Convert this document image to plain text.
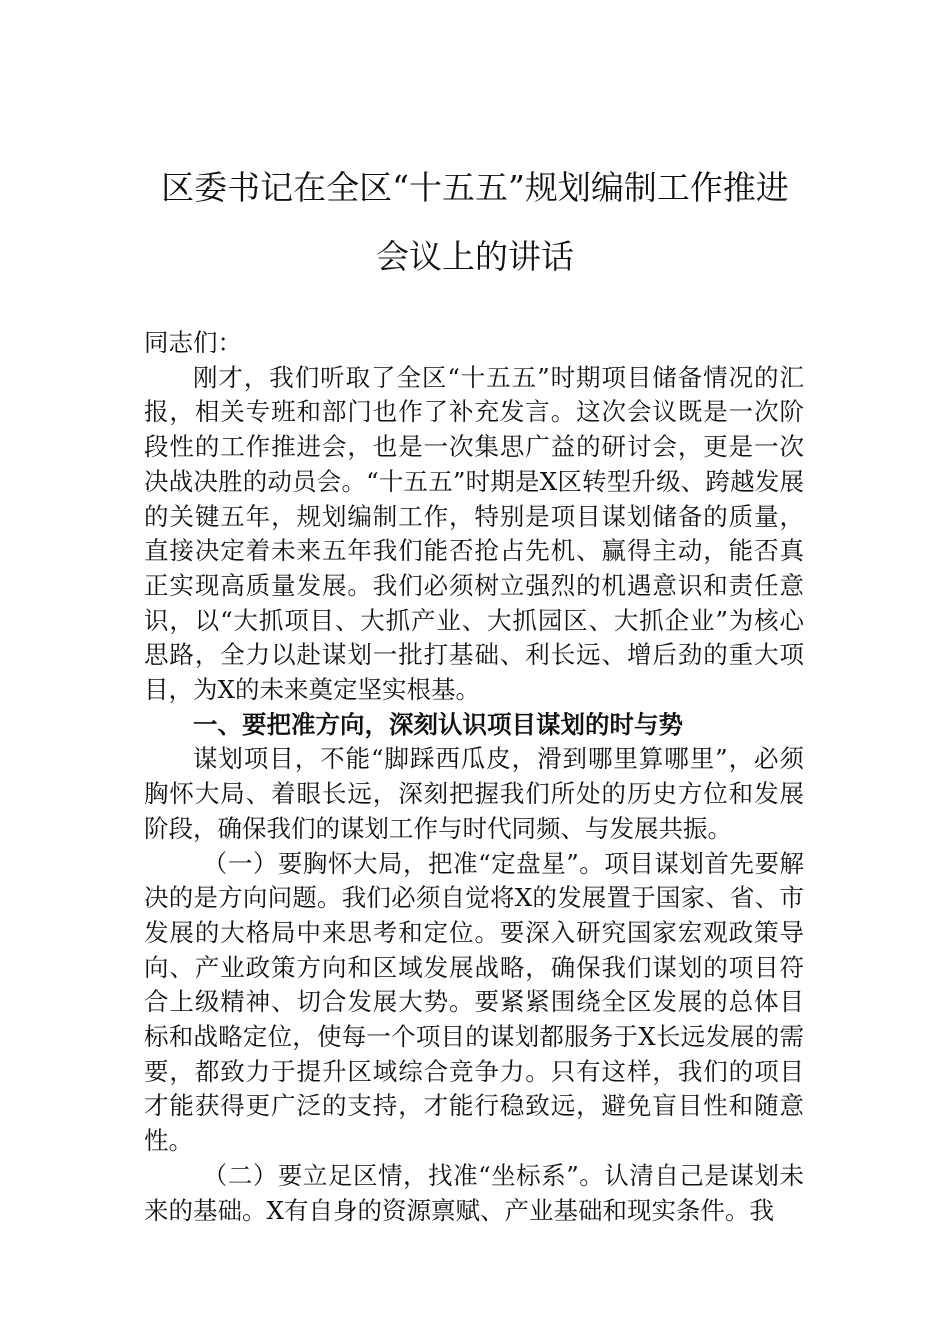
区委书记在全区“十五五”规划编制工作推进
会议上的讲话

同志们：

刚才，我们听取了全区“十五五”时期项目储备情况的汇报，相关专班和部门也作了补充发言。这次会议既是一次阶段性的工作推进会，也是一次集思广益的研讨会，更是一次决战决胜的动员会。“十五五”时期是X区转型升级、跨越发展的关键五年，规划编制工作，特别是项目谋划储备的质量，直接决定着未来五年我们能否抢占先机、赢得主动，能否真正实现高质量发展。我们必须树立强烈的机遇意识和责任意识，以“大抓项目、大抓产业、大抓园区、大抓企业”为核心思路，全力以赴谋划一批打基础、利长远、增后劲的重大项目，为X的未来奠定坚实根基。

一、要把准方向，深刻认识项目谋划的时与势

谋划项目，不能“脚踩西瓜皮，滑到哪里算哪里”，必须胸怀大局、着眼长远，深刻把握我们所处的历史方位和发展阶段，确保我们的谋划工作与时代同频、与发展共振。

（一）要胸怀大局，把准“定盘星”。项目谋划首先要解决的是方向问题。我们必须自觉将X的发展置于国家、省、市发展的大格局中来思考和定位。要深入研究国家宏观政策导向、产业政策方向和区域发展战略，确保我们谋划的项目符合上级精神、切合发展大势。要紧紧围绕全区发展的总体目标和战略定位，使每一个项目的谋划都服务于X长远发展的需要，都致力于提升区域综合竞争力。只有这样，我们的项目才能获得更广泛的支持，才能行稳致远，避免盲目性和随意性。

（二）要立足区情，找准“坐标系”。认清自己是谋划未来的基础。X有自身的资源禀赋、产业基础和现实条件。我
